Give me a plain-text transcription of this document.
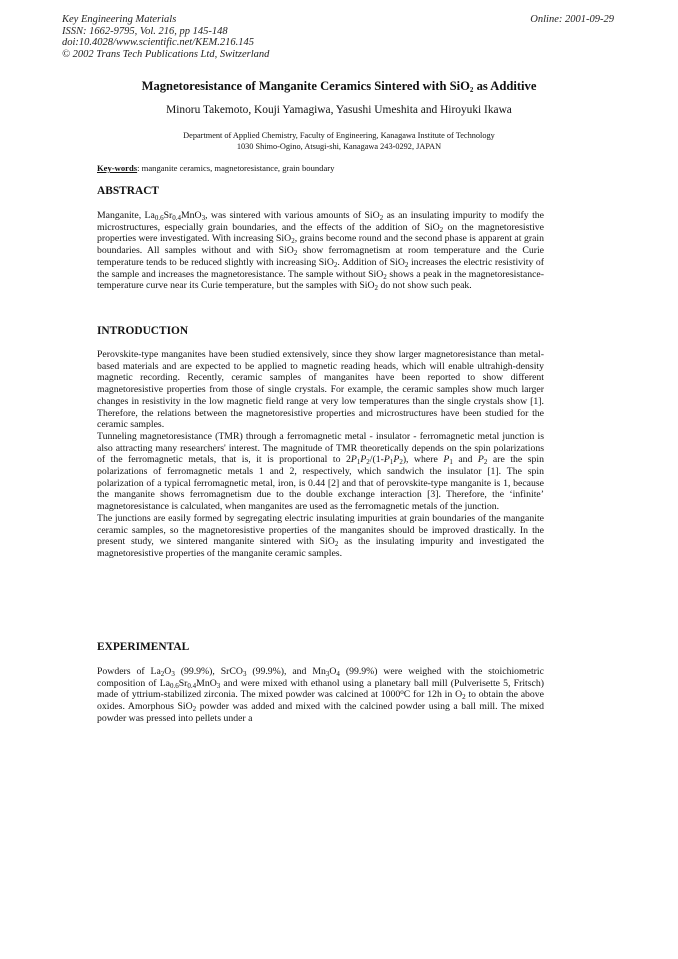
Key Engineering Materials
ISSN: 1662-9795, Vol. 216, pp 145-148
doi:10.4028/www.scientific.net/KEM.216.145
© 2002 Trans Tech Publications Ltd, Switzerland
Online: 2001-09-29
Magnetoresistance of Manganite Ceramics Sintered with SiO$_2$ as Additive
Minoru Takemoto, Kouji Yamagiwa, Yasushi Umeshita and Hiroyuki Ikawa
Department of Applied Chemistry, Faculty of Engineering, Kanagawa Institute of Technology
1030 Shimo-Ogino, Atsugi-shi, Kanagawa 243-0292, JAPAN
Key-words: manganite ceramics, magnetoresistance, grain boundary
ABSTRACT
Manganite, $La_{0.6}Sr_{0.4}MnO_3$, was sintered with various amounts of SiO$_2$ as an insulating impurity to modify the microstructures, especially grain boundaries, and the effects of the addition of SiO$_2$ on the magnetoresistive properties were investigated. With increasing SiO$_2$, grains become round and the second phase is apparent at grain boundaries. All samples without and with SiO$_2$ show ferromagnetism at room temperature and the Curie temperature tends to be reduced slightly with increasing SiO$_2$. Addition of SiO$_2$ increases the electric resistivity of the sample and increases the magnetoresistance. The sample without SiO$_2$ shows a peak in the magnetoresistance-temperature curve near its Curie temperature, but the samples with SiO$_2$ do not show such peak.
INTRODUCTION

Perovskite-type manganites have been studied extensively, since they show larger magnetoresistance than metal-based materials and are expected to be applied to magnetic reading heads, which will enable ultrahigh-density magnetic recording. Recently, ceramic samples of manganites have been reported to show different magnetoresistive properties from those of single crystals. For example, the ceramic samples show much larger changes in resistivity in the low magnetic field range at very low temperatures than the single crystals show [1]. Therefore, the relations between the magnetoresistive properties and microstructures have been studied for the ceramic samples.

Tunneling magnetoresistance (TMR) through a ferromagnetic metal - insulator - ferromagnetic metal junction is also attracting many researchers' interest. The magnitude of TMR theoretically depends on the spin polarizations of the ferromagnetic metals, that is, it is proportional to $2P_1P_2/(1-P_1P_2)$, where $P_1$ and $P_2$ are the spin polarizations of ferromagnetic metals 1 and 2, respectively, which sandwich the insulator [1]. The spin polarization of a typical ferromagnetic metal, iron, is 0.44 [2] and that of perovskite-type manganite is 1, because the manganite shows ferromagnetism due to the double exchange interaction [3]. Therefore, the ‘infinite’ magnetoresistance is calculated, when manganites are used as the ferromagnetic metals of the junction.

The junctions are easily formed by segregating electric insulating impurities at grain boundaries of the manganite ceramic samples, so the magnetoresistive properties of the manganites should be improved drastically. In the present study, we sintered manganite sintered with SiO$_2$ as the insulating impurity and investigated the magnetoresistive properties of the manganite ceramic samples.

EXPERIMENTAL
Powders of $La_2O_3$ (99.9%), SrCO$_3$ (99.9%), and $Mn_3O_4$ (99.9%) were weighed with the stoichiometric composition of $La_{0.6}Sr_{0.4}MnO_3$ and were mixed with ethanol using a planetary ball mill (Pulverisette 5, Fritsch) made of yttrium-stabilized zirconia. The mixed powder was calcined at 1000$^o$C for 12h in $O_2$ to obtain the above oxides. Amorphous SiO$_2$ powder was added and mixed with the calcined powder using a ball mill. The mixed powder was pressed into pellets under a
